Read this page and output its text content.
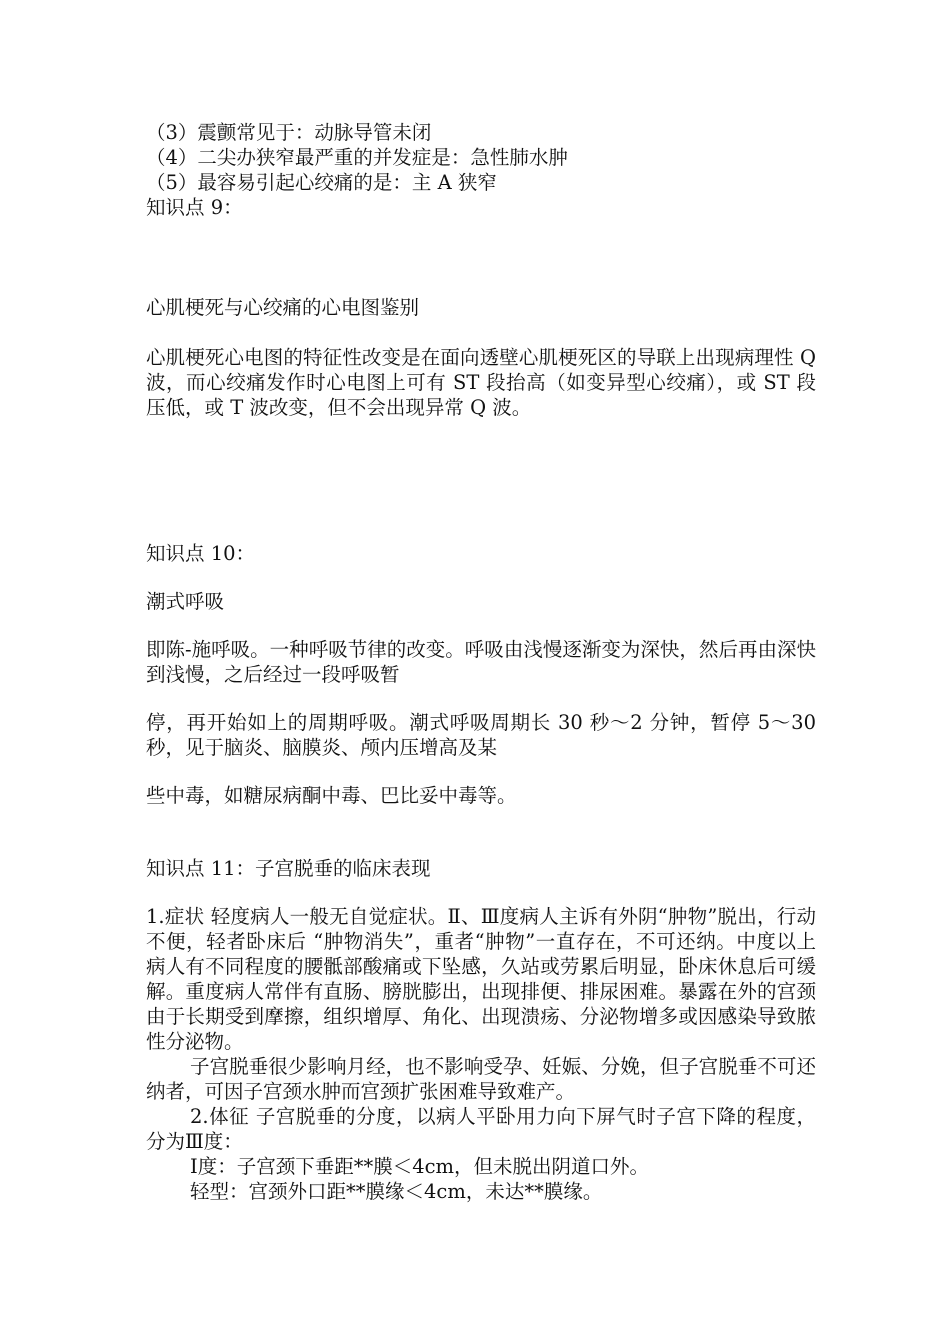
（3）震颤常见于：动脉导管未闭

（4）二尖办狭窄最严重的并发症是：急性肺水肿

（5）最容易引起心绞痛的是：主 A 狭窄

知识点 9：

心肌梗死与心绞痛的心电图鉴别

心肌梗死心电图的特征性改变是在面向透壁心肌梗死区的导联上出现病理性 Q 波，而心绞痛发作时心电图上可有 ST 段抬高（如变异型心绞痛），或 ST 段压低，或 T 波改变，但不会出现异常 Q 波。

知识点 10：

潮式呼吸

即陈-施呼吸。一种呼吸节律的改变。呼吸由浅慢逐渐变为深快，然后再由深快到浅慢，之后经过一段呼吸暂

停，再开始如上的周期呼吸。潮式呼吸周期长 30 秒～2 分钟，暂停 5～30 秒，见于脑炎、脑膜炎、颅内压增高及某

些中毒，如糖尿病酮中毒、巴比妥中毒等。

知识点 11：子宫脱垂的临床表现

1.症状 轻度病人一般无自觉症状。Ⅱ、Ⅲ度病人主诉有外阴“肿物”脱出，行动不便，轻者卧床后 “肿物消失”，重者“肿物”一直存在，不可还纳。中度以上病人有不同程度的腰骶部酸痛或下坠感，久站或劳累后明显，卧床休息后可缓解。重度病人常伴有直肠、膀胱膨出，出现排便、排尿困难。暴露在外的宫颈由于长期受到摩擦，组织增厚、角化、出现溃疡、分泌物增多或因感染导致脓性分泌物。

子宫脱垂很少影响月经，也不影响受孕、妊娠、分娩，但子宫脱垂不可还纳者，可因子宫颈水肿而宫颈扩张困难导致难产。

2.体征 子宫脱垂的分度，以病人平卧用力向下屏气时子宫下降的程度，分为Ⅲ度：

Ⅰ度：子宫颈下垂距**膜＜4cm，但未脱出阴道口外。

轻型：宫颈外口距**膜缘＜4cm，未达**膜缘。
